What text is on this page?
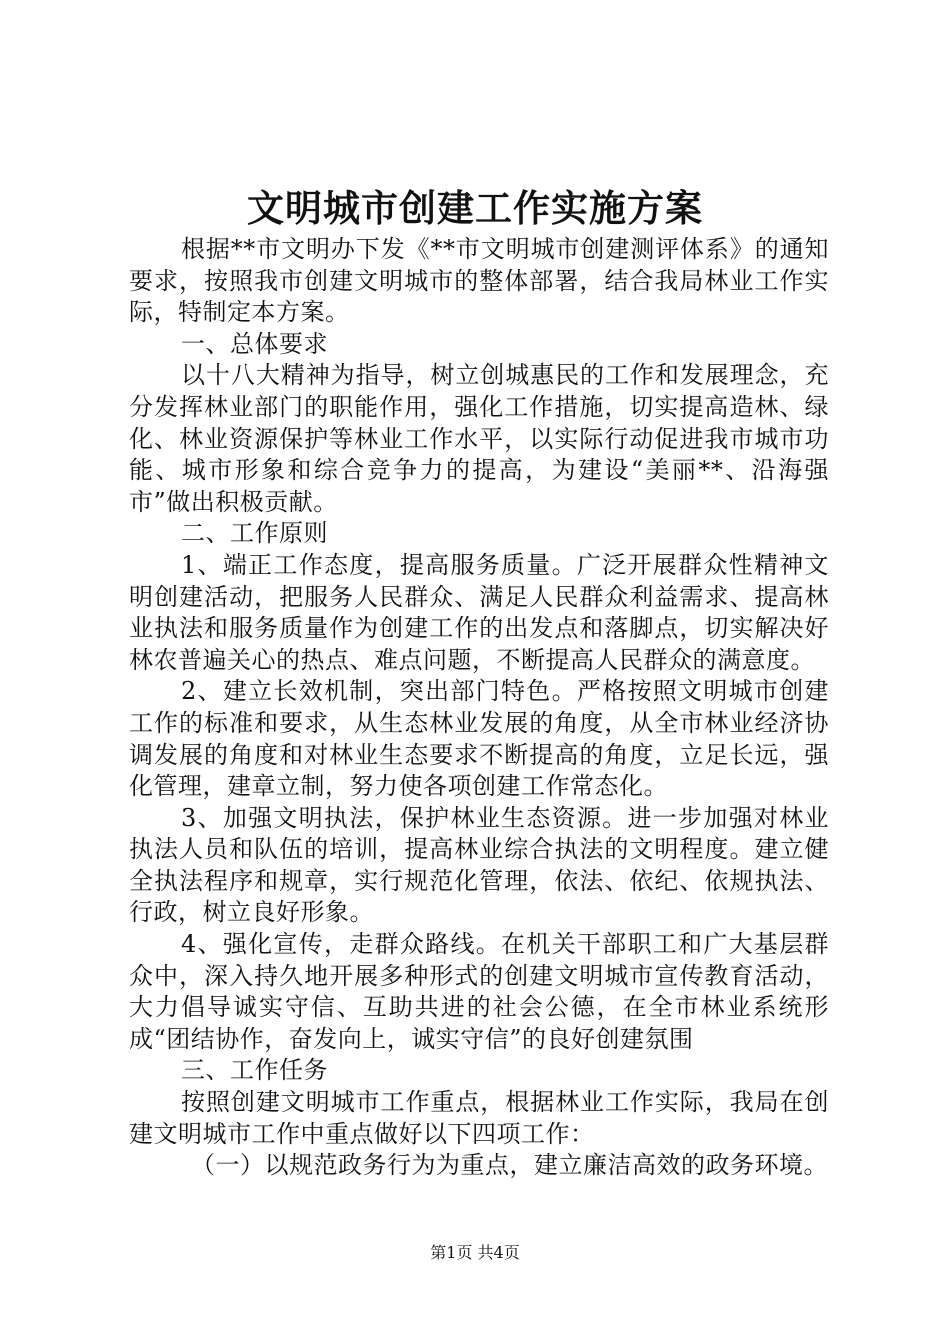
文明城市创建工作实施方案

根据**市文明办下发《**市文明城市创建测评体系》的通知要求，按照我市创建文明城市的整体部署，结合我局林业工作实际，特制定本方案。

一、总体要求

以十八大精神为指导，树立创城惠民的工作和发展理念，充分发挥林业部门的职能作用，强化工作措施，切实提高造林、绿化、林业资源保护等林业工作水平，以实际行动促进我市城市功能、城市形象和综合竞争力的提高，为建设“美丽**、沿海强市”做出积极贡献。

二、工作原则

1、端正工作态度，提高服务质量。广泛开展群众性精神文明创建活动，把服务人民群众、满足人民群众利益需求、提高林业执法和服务质量作为创建工作的出发点和落脚点，切实解决好林农普遍关心的热点、难点问题，不断提高人民群众的满意度。

2、建立长效机制，突出部门特色。严格按照文明城市创建工作的标准和要求，从生态林业发展的角度，从全市林业经济协调发展的角度和对林业生态要求不断提高的角度，立足长远，强化管理，建章立制，努力使各项创建工作常态化。

3、加强文明执法，保护林业生态资源。进一步加强对林业执法人员和队伍的培训，提高林业综合执法的文明程度。建立健全执法程序和规章，实行规范化管理，依法、依纪、依规执法、行政，树立良好形象。

4、强化宣传，走群众路线。在机关干部职工和广大基层群众中，深入持久地开展多种形式的创建文明城市宣传教育活动，大力倡导诚实守信、互助共进的社会公德，在全市林业系统形成“团结协作，奋发向上，诚实守信”的良好创建氛围

三、工作任务

按照创建文明城市工作重点，根据林业工作实际，我局在创建文明城市工作中重点做好以下四项工作：

（一）以规范政务行为为重点，建立廉洁高效的政务环境。

第1页 共4页
